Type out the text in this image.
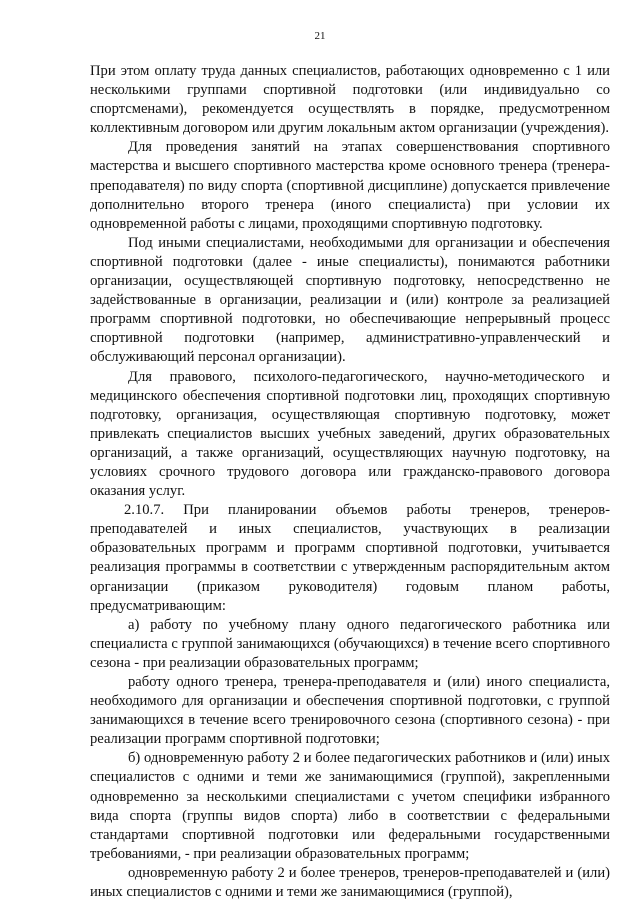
21

При этом оплату труда данных специалистов, работающих одновременно с 1 или несколькими группами спортивной подготовки (или индивидуально со спортсменами), рекомендуется осуществлять в порядке, предусмотренном коллективным договором или другим локальным актом организации (учреждения).

Для проведения занятий на этапах совершенствования спортивного мастерства и высшего спортивного мастерства кроме основного тренера (тренера-преподавателя) по виду спорта (спортивной дисциплине) допускается привлечение дополнительно второго тренера (иного специалиста) при условии их одновременной работы с лицами, проходящими спортивную подготовку.

Под иными специалистами, необходимыми для организации и обеспечения спортивной подготовки (далее - иные специалисты), понимаются работники организации, осуществляющей спортивную подготовку, непосредственно не задействованные в организации, реализации и (или) контроле за реализацией программ спортивной подготовки, но обеспечивающие непрерывный процесс спортивной подготовки (например, административно-управленческий и обслуживающий персонал организации).

Для правового, психолого-педагогического, научно-методического и медицинского обеспечения спортивной подготовки лиц, проходящих спортивную подготовку, организация, осуществляющая спортивную подготовку, может привлекать специалистов высших учебных заведений, других образовательных организаций, а также организаций, осуществляющих научную подготовку, на условиях срочного трудового договора или гражданско-правового договора оказания услуг.

2.10.7. При планировании объемов работы тренеров, тренеров-преподавателей и иных специалистов, участвующих в реализации образовательных программ и программ спортивной подготовки, учитывается реализация программы в соответствии с утвержденным распорядительным актом организации (приказом руководителя) годовым планом работы, предусматривающим:

а) работу по учебному плану одного педагогического работника или специалиста с группой занимающихся (обучающихся) в течение всего спортивного сезона - при реализации образовательных программ;

работу одного тренера, тренера-преподавателя и (или) иного специалиста, необходимого для организации и обеспечения спортивной подготовки, с группой занимающихся в течение всего тренировочного сезона (спортивного сезона) - при реализации программ спортивной подготовки;

б) одновременную работу 2 и более педагогических работников и (или) иных специалистов с одними и теми же занимающимися (группой), закрепленными одновременно за несколькими специалистами с учетом специфики избранного вида спорта (группы видов спорта) либо в соответствии с федеральными стандартами спортивной подготовки или федеральными государственными требованиями, - при реализации образовательных программ;

одновременную работу 2 и более тренеров, тренеров-преподавателей и (или) иных специалистов с одними и теми же занимающимися (группой),
